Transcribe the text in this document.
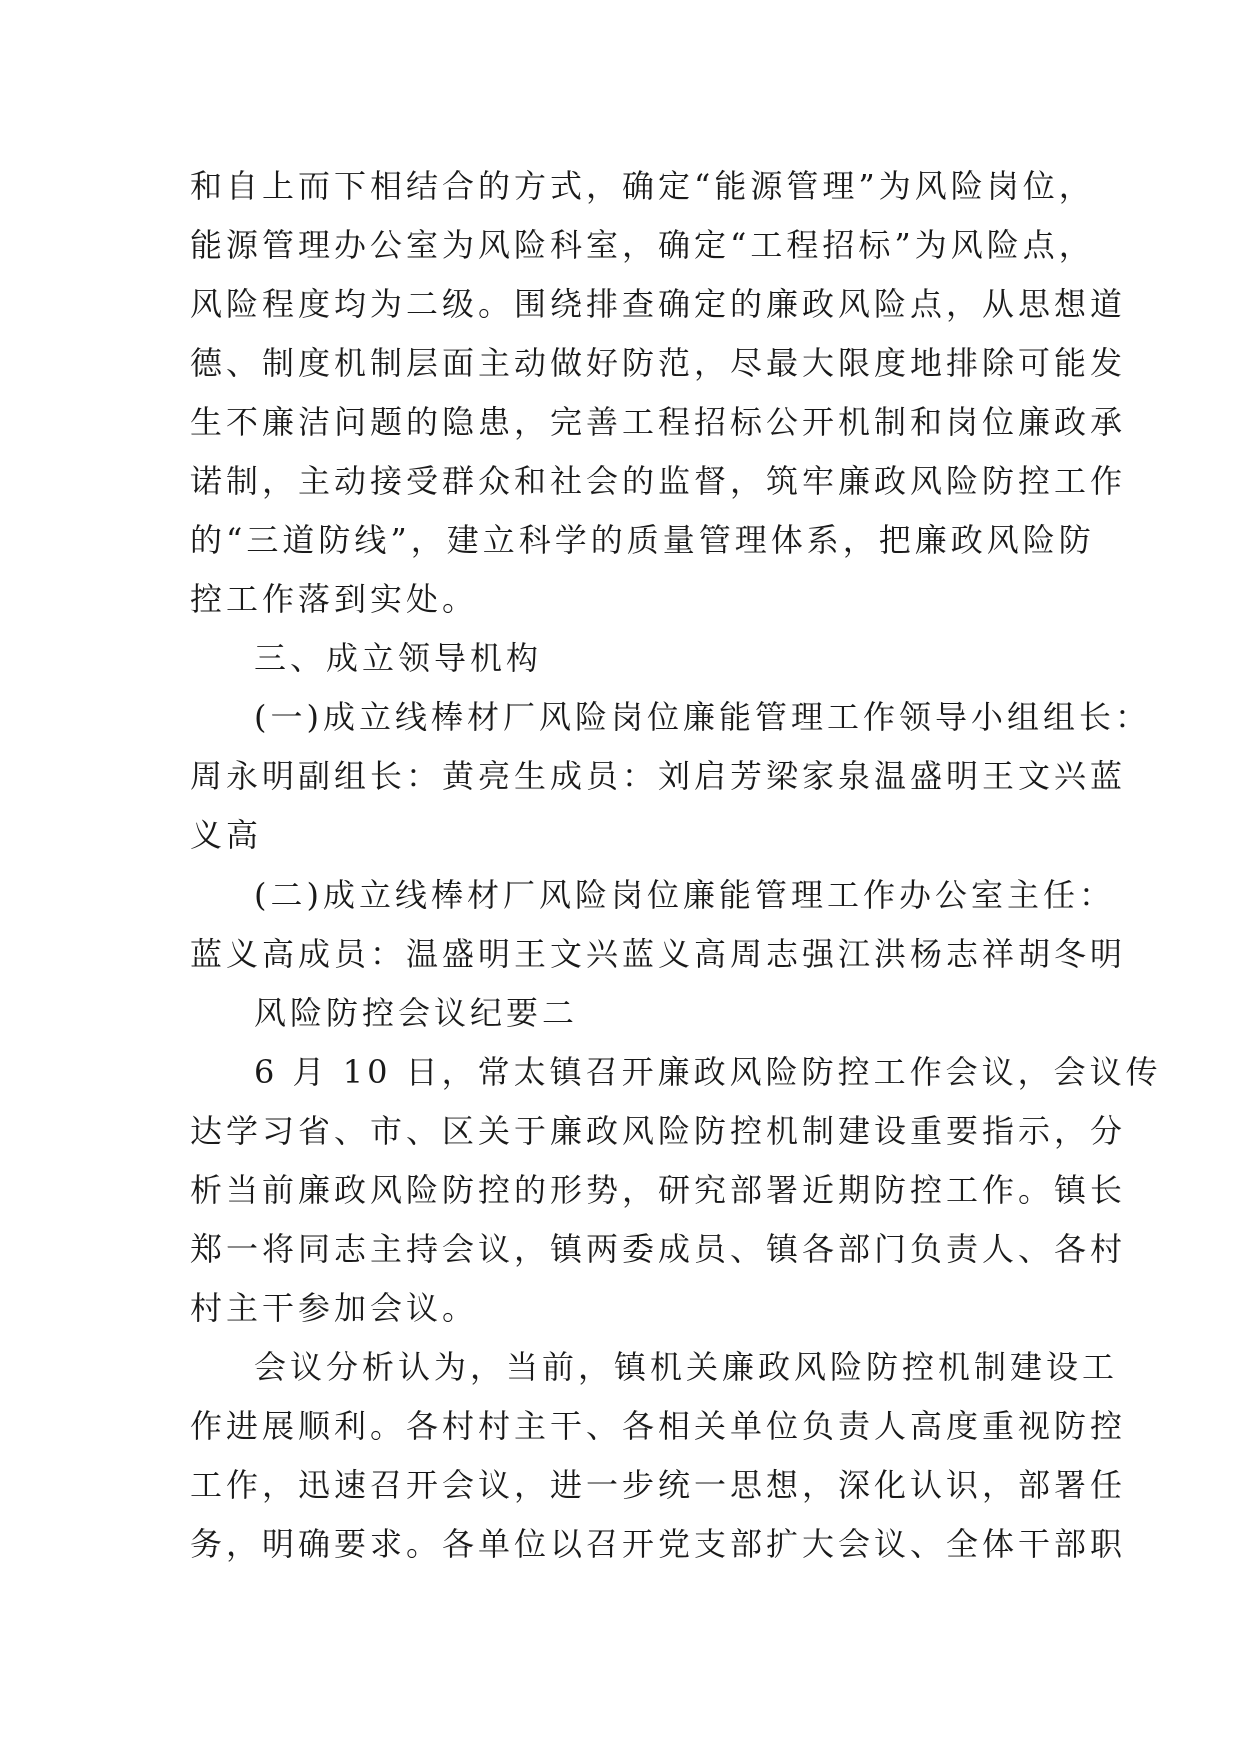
和自上而下相结合的方式，确定“能源管理”为风险岗位，
能源管理办公室为风险科室，确定“工程招标”为风险点，
风险程度均为二级。围绕排查确定的廉政风险点，从思想道
德、制度机制层面主动做好防范，尽最大限度地排除可能发
生不廉洁问题的隐患，完善工程招标公开机制和岗位廉政承
诺制，主动接受群众和社会的监督，筑牢廉政风险防控工作
的“三道防线”，建立科学的质量管理体系，把廉政风险防
控工作落到实处。
三、成立领导机构
(一)成立线棒材厂风险岗位廉能管理工作领导小组组长：
周永明副组长：黄亮生成员：刘启芳梁家泉温盛明王文兴蓝
义高
(二)成立线棒材厂风险岗位廉能管理工作办公室主任：
蓝义高成员：温盛明王文兴蓝义高周志强江洪杨志祥胡冬明
风险防控会议纪要二
6 月 10 日，常太镇召开廉政风险防控工作会议，会议传
达学习省、市、区关于廉政风险防控机制建设重要指示，分
析当前廉政风险防控的形势，研究部署近期防控工作。镇长
郑一将同志主持会议，镇两委成员、镇各部门负责人、各村
村主干参加会议。
会议分析认为，当前，镇机关廉政风险防控机制建设工
作进展顺利。各村村主干、各相关单位负责人高度重视防控
工作，迅速召开会议，进一步统一思想，深化认识，部署任
务，明确要求。各单位以召开党支部扩大会议、全体干部职
